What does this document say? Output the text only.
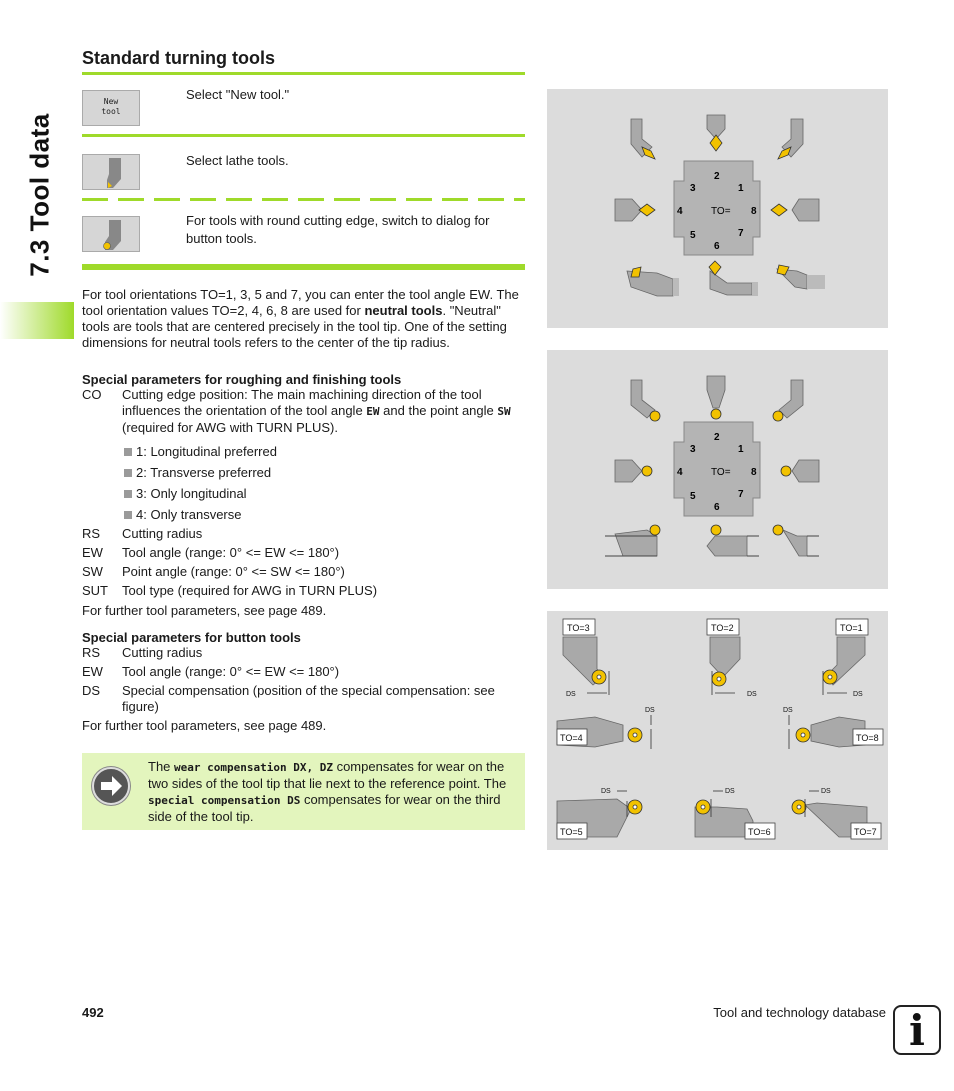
7.3 Tool data
Standard turning tools
New
tool
Select "New tool."
Select lathe tools.
For tools with round cutting edge, switch to dialog for button tools.
For tool orientations TO=1, 3, 5 and 7, you can enter the tool angle EW. The tool orientation values TO=2, 4, 6, 8 are used for neutral tools. "Neutral" tools are tools that are centered precisely in the tool tip. One of the setting dimensions for neutral tools refers to the center of the tip radius.
Special parameters for roughing and finishing tools
CO Cutting edge position: The main machining direction of the tool influences the orientation of the tool angle EW and the point angle SW (required for AWG with TURN PLUS).
1: Longitudinal preferred
2: Transverse preferred
3: Only longitudinal
4: Only transverse
RS Cutting radius
EW Tool angle (range: 0° <= EW <= 180°)
SW Point angle (range: 0° <= SW <= 180°)
SUT Tool type (required for AWG in TURN PLUS)
For further tool parameters, see page 489.
Special parameters for button tools
RS Cutting radius
EW Tool angle (range: 0° <= EW <= 180°)
DS Special compensation (position of the special compensation: see figure)
For further tool parameters, see page 489.
The wear compensation DX, DZ compensates for wear on the two sides of the tool tip that lie next to the reference point. The special compensation DS compensates for wear on the third side of the tool tip.
3
2
1
4	TO= 8
5	7
6
3
2
1
4	TO= 8
5	7
6
TO=3	TO=2	TO=1
TO=4	TO=8
TO=5	TO=6	TO=7
DS	DS	DS
DS	DS
DS	DS	DS
492	Tool and technology database i
